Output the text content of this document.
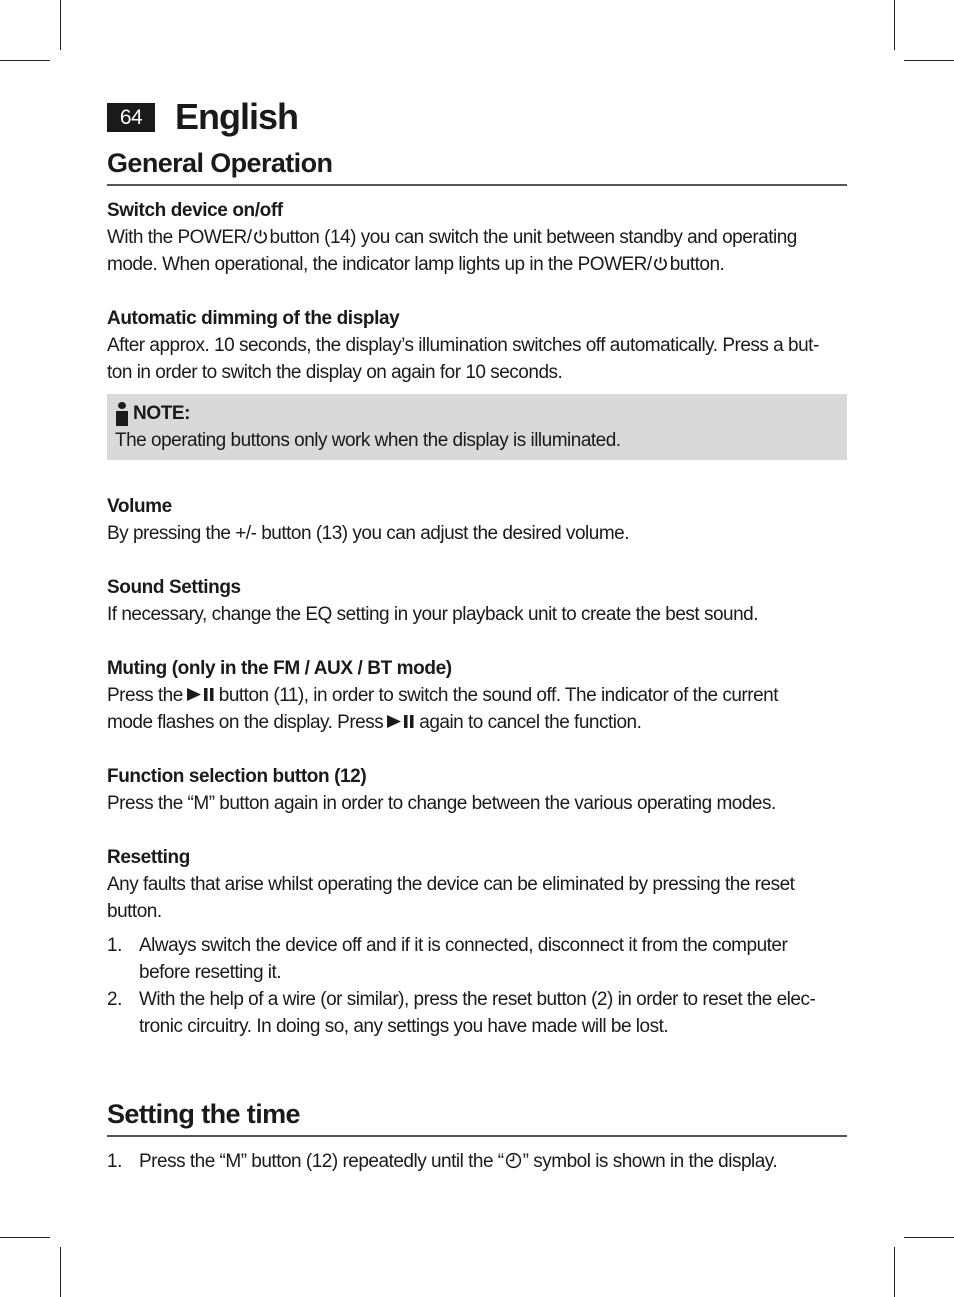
64 English
General Operation

Switch device on/off

With the POWER/ button (14) you can switch the unit between standby and operating

mode. When operational, the indicator lamp lights up in the POWER/ button.

Automatic dimming of the display

After approx. 10 seconds, the display’s illumination switches off automatically. Press a but-

ton in order to switch the display on again for 10 seconds.

NOTE:

The operating buttons only work when the display is illuminated.

Volume

By pressing the +/- button (13) you can adjust the desired volume.

Sound Settings

If necessary, change the EQ setting in your playback unit to create the best sound.

Muting (only in the FM / AUX / BT mode)

Press the button (11), in order to switch the sound off. The indicator of the current

mode flashes on the display. Press again to cancel the function.

Function selection button (12)

Press the “M” button again in order to change between the various operating modes.

Resetting

Any faults that arise whilst operating the device can be eliminated by pressing the reset

button.

1. Always switch the device off and if it is connected, disconnect it from the computer
before resetting it.
2. With the help of a wire (or similar), press the reset button (2) in order to reset the elec-
tronic circuitry. In doing so, any settings you have made will be lost.
Setting the time
1. Press the “M” button (12) repeatedly until the “ ” symbol is shown in the display.
